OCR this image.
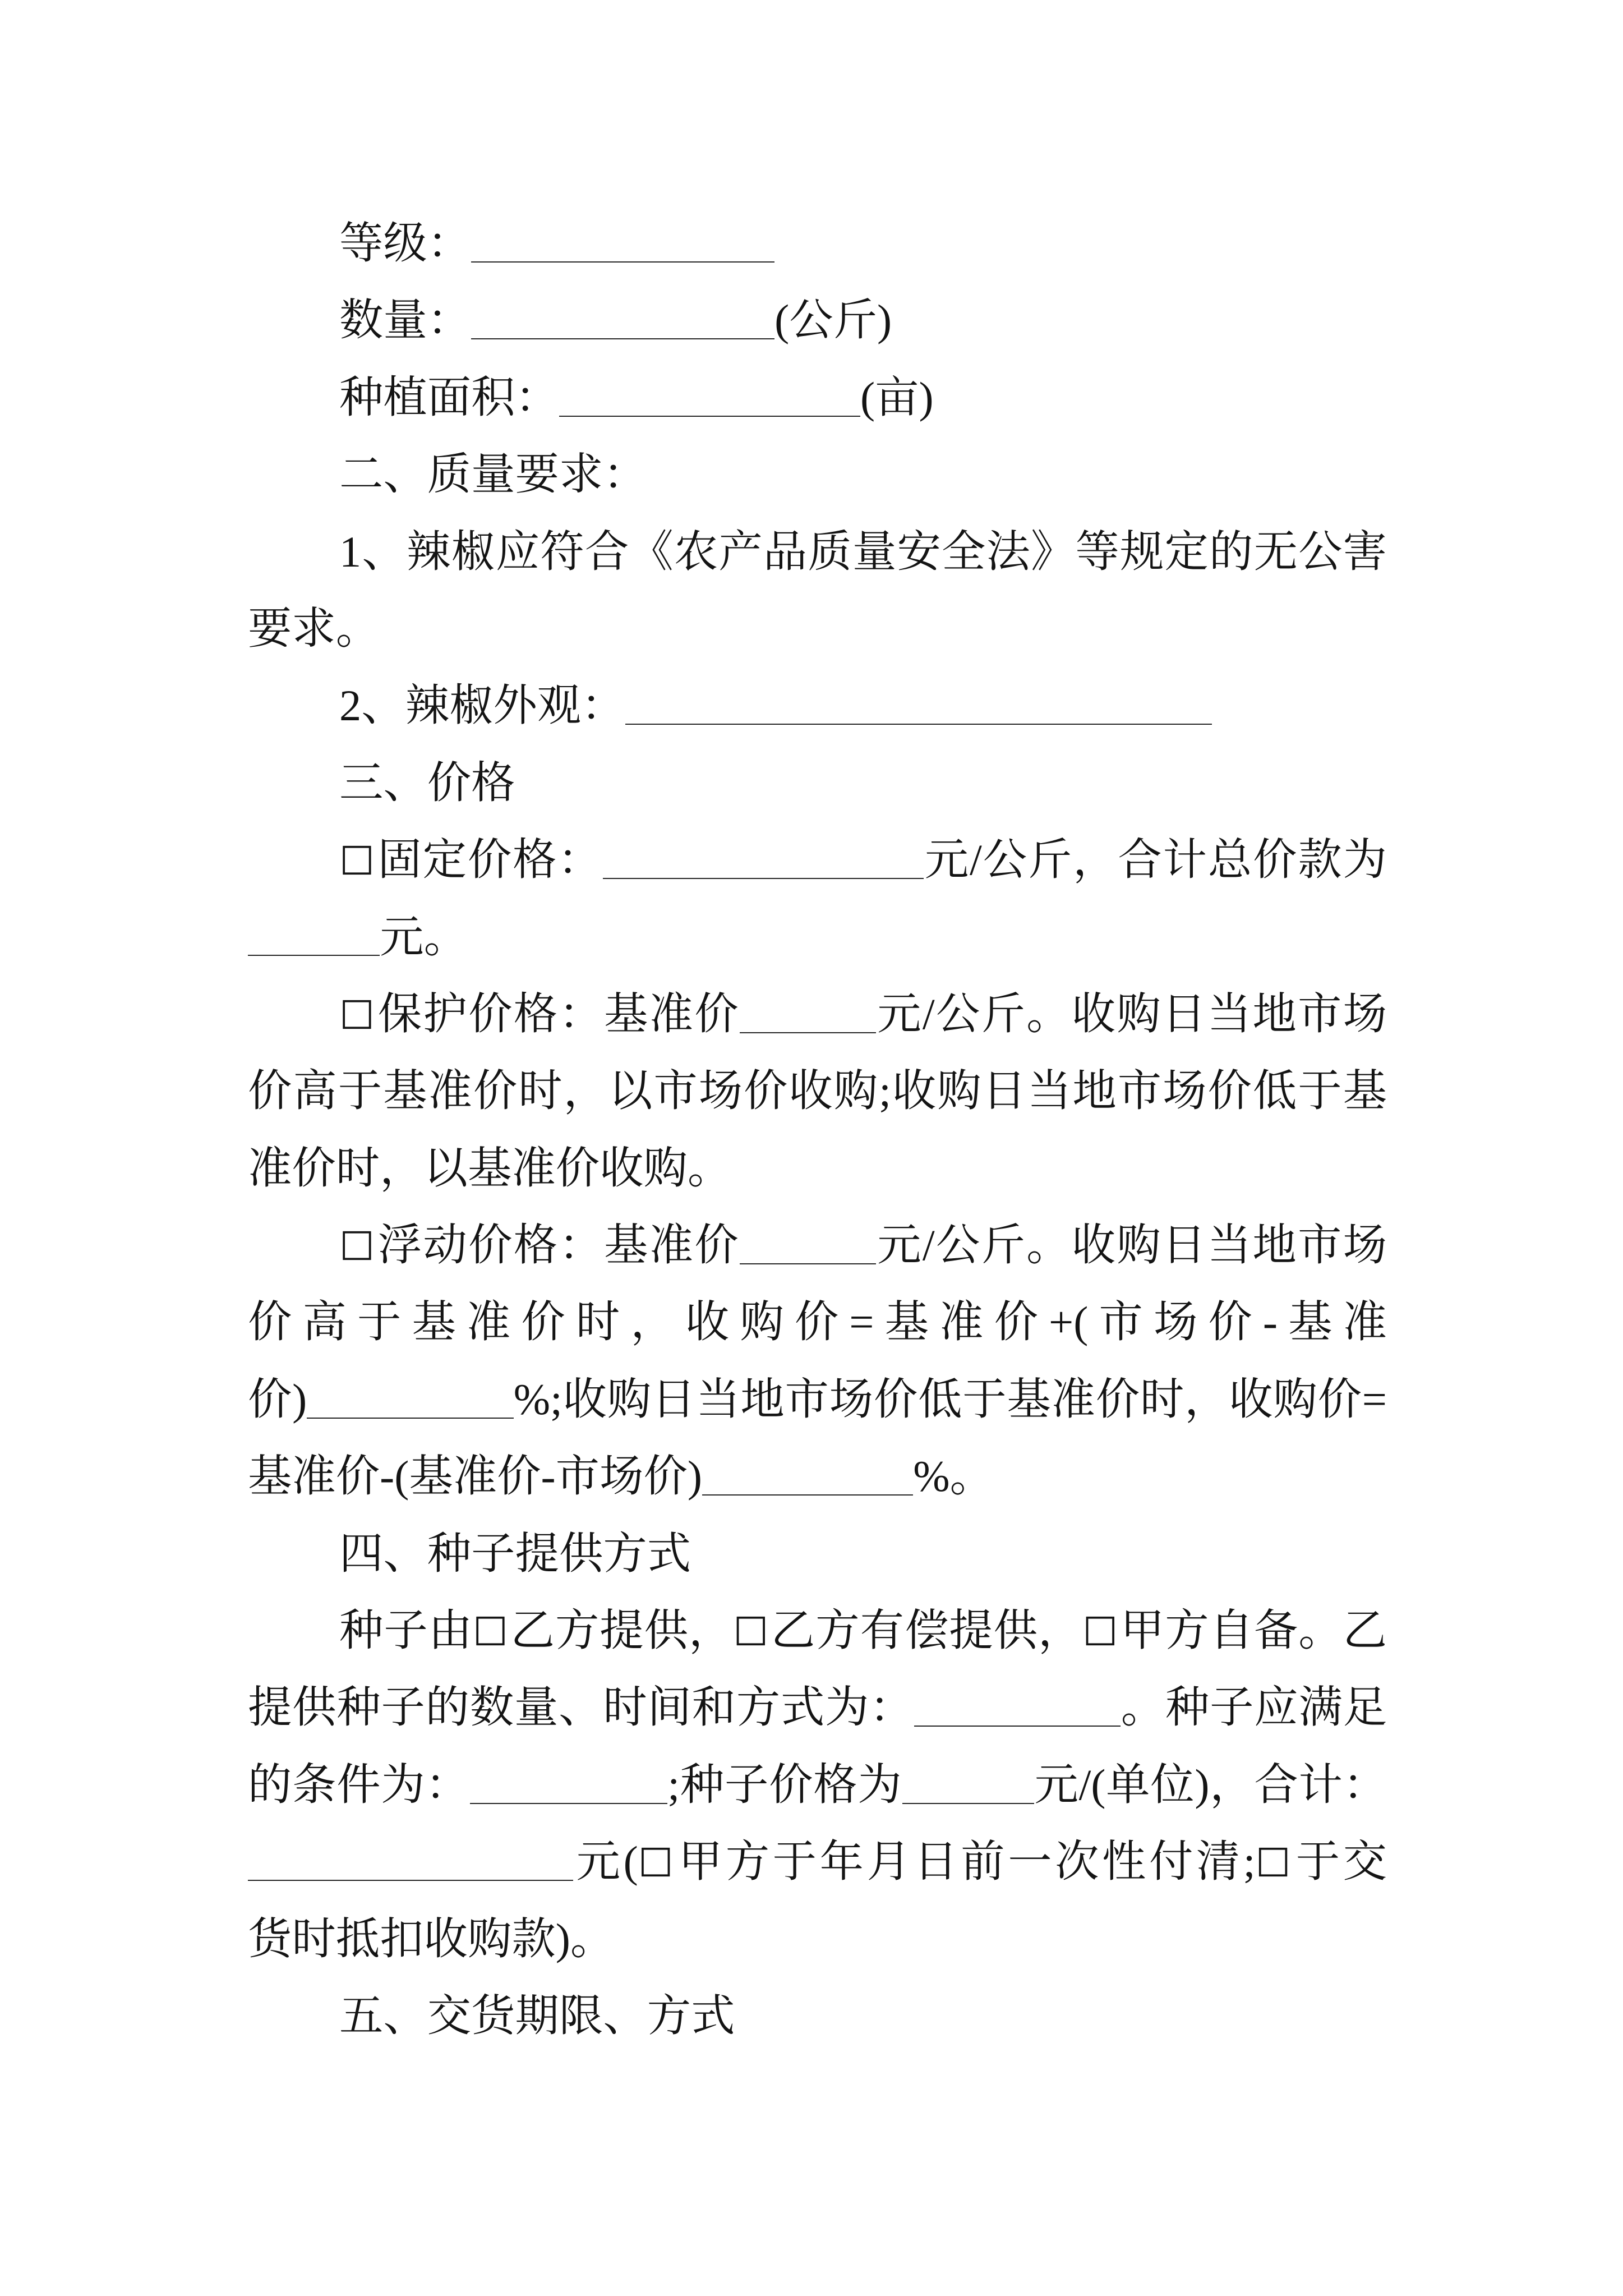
等级：
数量：	(公斤)
种植面积：	(亩)
二、质量要求：
1、辣椒应符合《农产品质量安全法》等规定的无公害
要求。
2、辣椒外观：
三、价格
☐固定价格：	元/公斤，合计总价款为
元。
☐保护价格：基准价	元/公斤。收购日当地市场
价高于基准价时，以市场价收购;收购日当地市场价低于基
准价时，以基准价收购。
☐浮动价格：基准价	元/公斤。收购日当地市场
价高于基准价时，收购价=基准价+(市场价-基准
价)	%;收购日当地市场价低于基准价时，收购价=
基准价-(基准价-市场价)	%。
四、种子提供方式
种子由☐乙方提供，☐乙方有偿提供，☐甲方自备。乙
提供种子的数量、时间和方式为：	。种子应满足
的条件为：	;种子价格为	元/(单位)，合计：
元(☐甲方于年月日前一次性付清;☐于交
货时抵扣收购款)。
五、交货期限、方式
